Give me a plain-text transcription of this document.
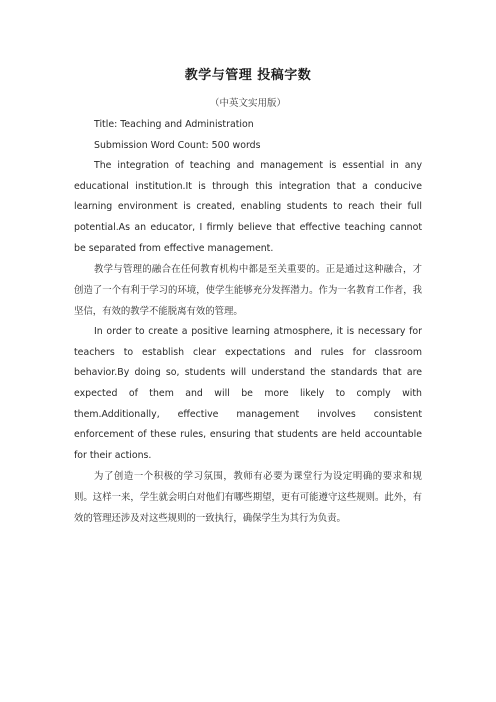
教学与管理 投稿字数
（中英文实用版）

Title: Teaching and Administration

Submission Word Count: 500 words

The integration of teaching and management is essential in any educational institution.It is through this integration that a conducive learning environment is created, enabling students to reach their full potential.As an educator, I firmly believe that effective teaching cannot be separated from effective management.

教学与管理的融合在任何教育机构中都是至关重要的。正是通过这种融合，才创造了一个有利于学习的环境，使学生能够充分发挥潜力。作为一名教育工作者，我坚信，有效的教学不能脱离有效的管理。

In order to create a positive learning atmosphere, it is necessary for teachers to establish clear expectations and rules for classroom behavior.By doing so, students will understand the standards that are expected of them and will be more likely to comply with them.Additionally, effective management involves consistent enforcement of these rules, ensuring that students are held accountable for their actions.

为了创造一个积极的学习氛围，教师有必要为课堂行为设定明确的要求和规则。这样一来，学生就会明白对他们有哪些期望，更有可能遵守这些规则。此外，有效的管理还涉及对这些规则的一致执行，确保学生为其行为负责。
